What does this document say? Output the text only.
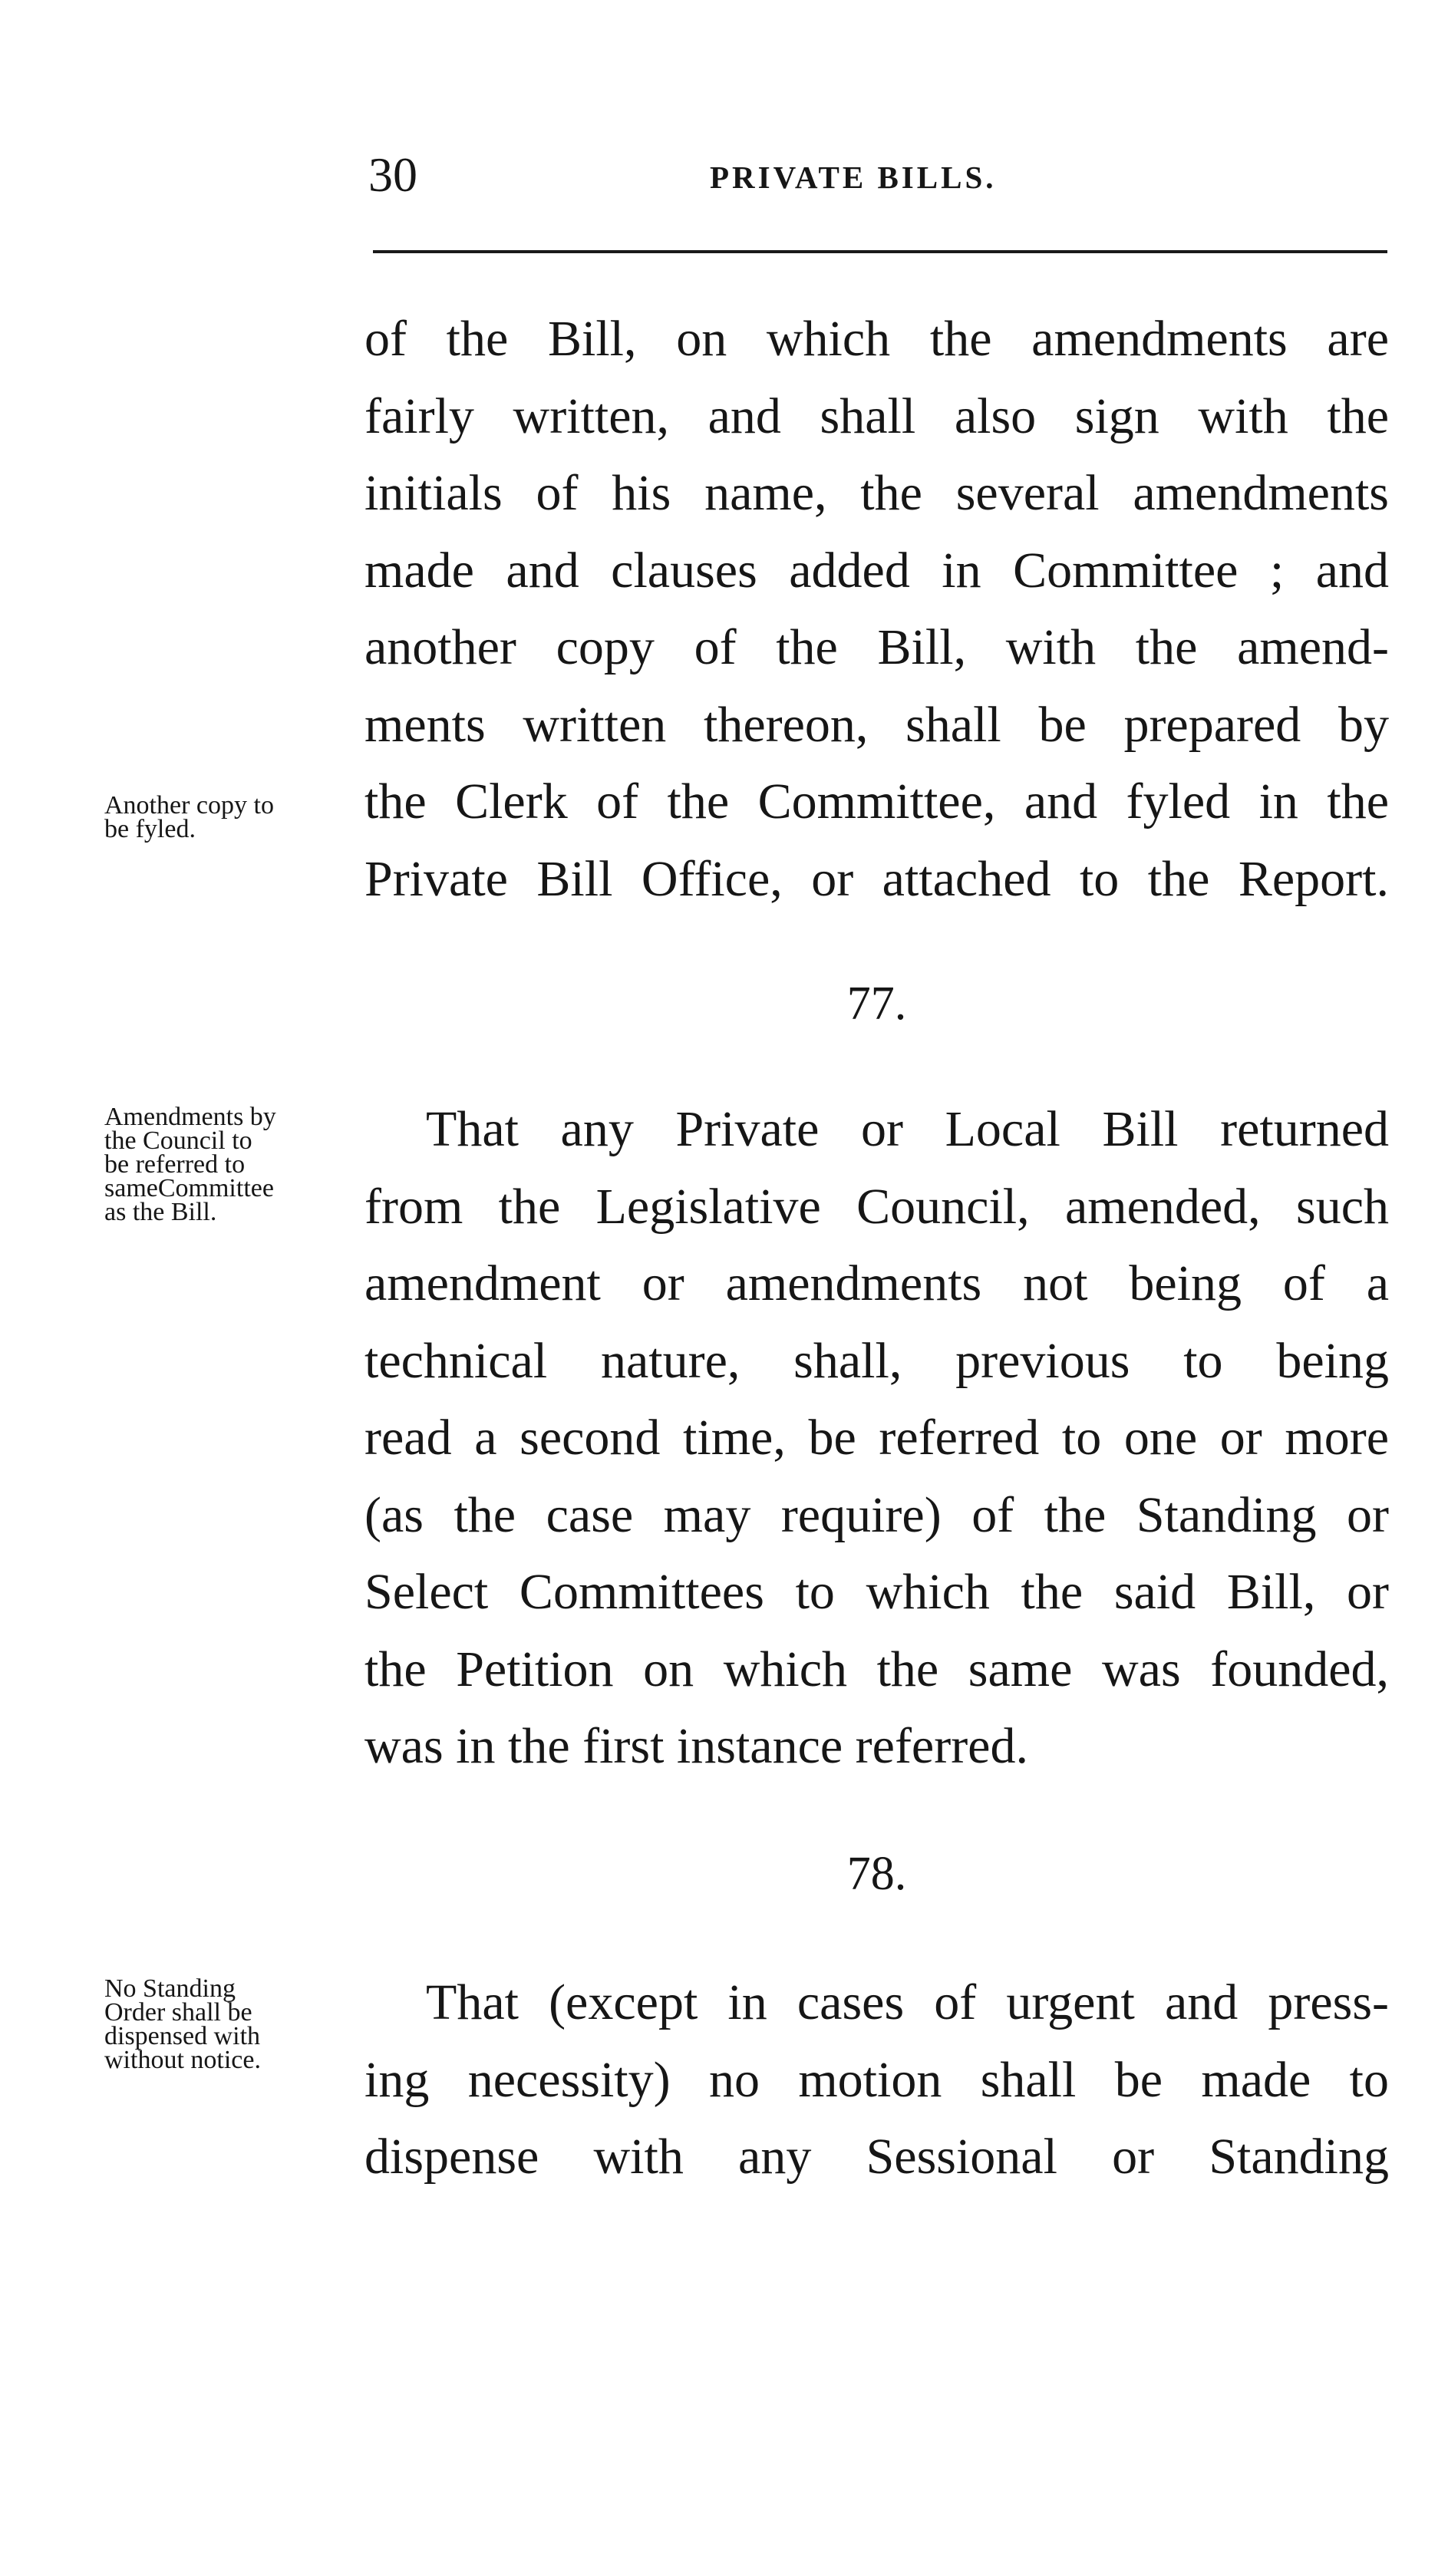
30	PRIVATE BILLS.
of the Bill, on which the amendments are
fairly written, and shall also sign with the
initials of his name, the several amendments
made and clauses added in Committee ; and
another copy of the Bill, with the amend-
ments written thereon, shall be prepared by
the Clerk of the Committee, and fyled in the
Private Bill Office, or attached to the Report.
Another copy to
be fyled.
77.
Amendments by
the Council to
be referred to
sameCommittee
as the Bill.
That any Private or Local Bill returned
from the Legislative Council, amended, such
amendment or amendments not being of a
technical nature, shall, previous to being
read a second time, be referred to one or more
(as the case may require) of the Standing or
Select Committees to which the said Bill, or
the Petition on which the same was founded,
was in the first instance referred.
78.
No Standing
Order shall be
dispensed with
without notice.
That (except in cases of urgent and press-
ing necessity) no motion shall be made to
dispense with any Sessional or Standing
